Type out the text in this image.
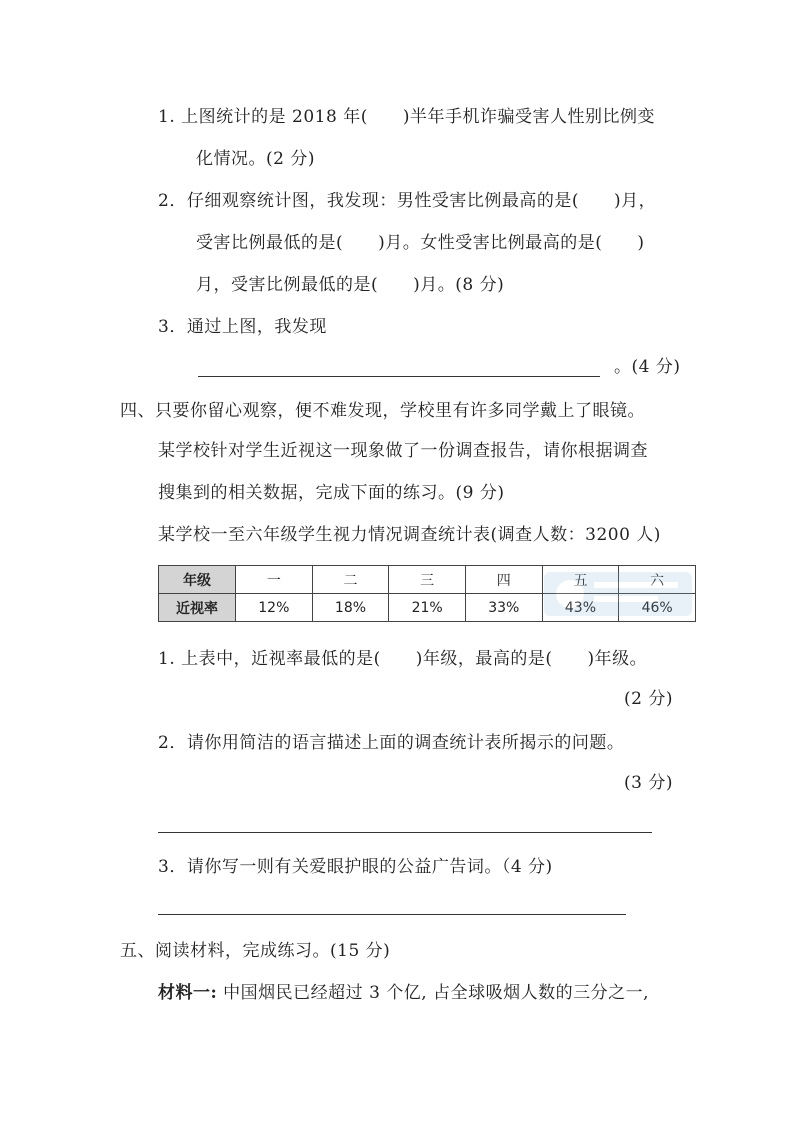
1. 上图统计的是 2018 年(　　)半年手机诈骗受害人性别比例变
化情况。(2 分)
2．仔细观察统计图，我发现：男性受害比例最高的是(　　)月，
受害比例最低的是(　　)月。女性受害比例最高的是(　　)
月，受害比例最低的是(　　)月。(8 分)
3．通过上图，我发现
。(4 分)
四、只要你留心观察，便不难发现，学校里有许多同学戴上了眼镜。
某学校针对学生近视这一现象做了一份调查报告，请你根据调查
搜集到的相关数据，完成下面的练习。(9 分)
某学校一至六年级学生视力情况调查统计表(调查人数：3200 人)
年级	一	二	三	四	五	六
近视率	12%	18%	21%	33%	43%	46%
1. 上表中，近视率最低的是(　　)年级，最高的是(　　)年级。
(2 分)
2．请你用简洁的语言描述上面的调查统计表所揭示的问题。
(3 分)
3．请你写一则有关爱眼护眼的公益广告词。（4 分)
五、阅读材料，完成练习。(15 分)
材料一: 中国烟民已经超过 3 个亿, 占全球吸烟人数的三分之一,
